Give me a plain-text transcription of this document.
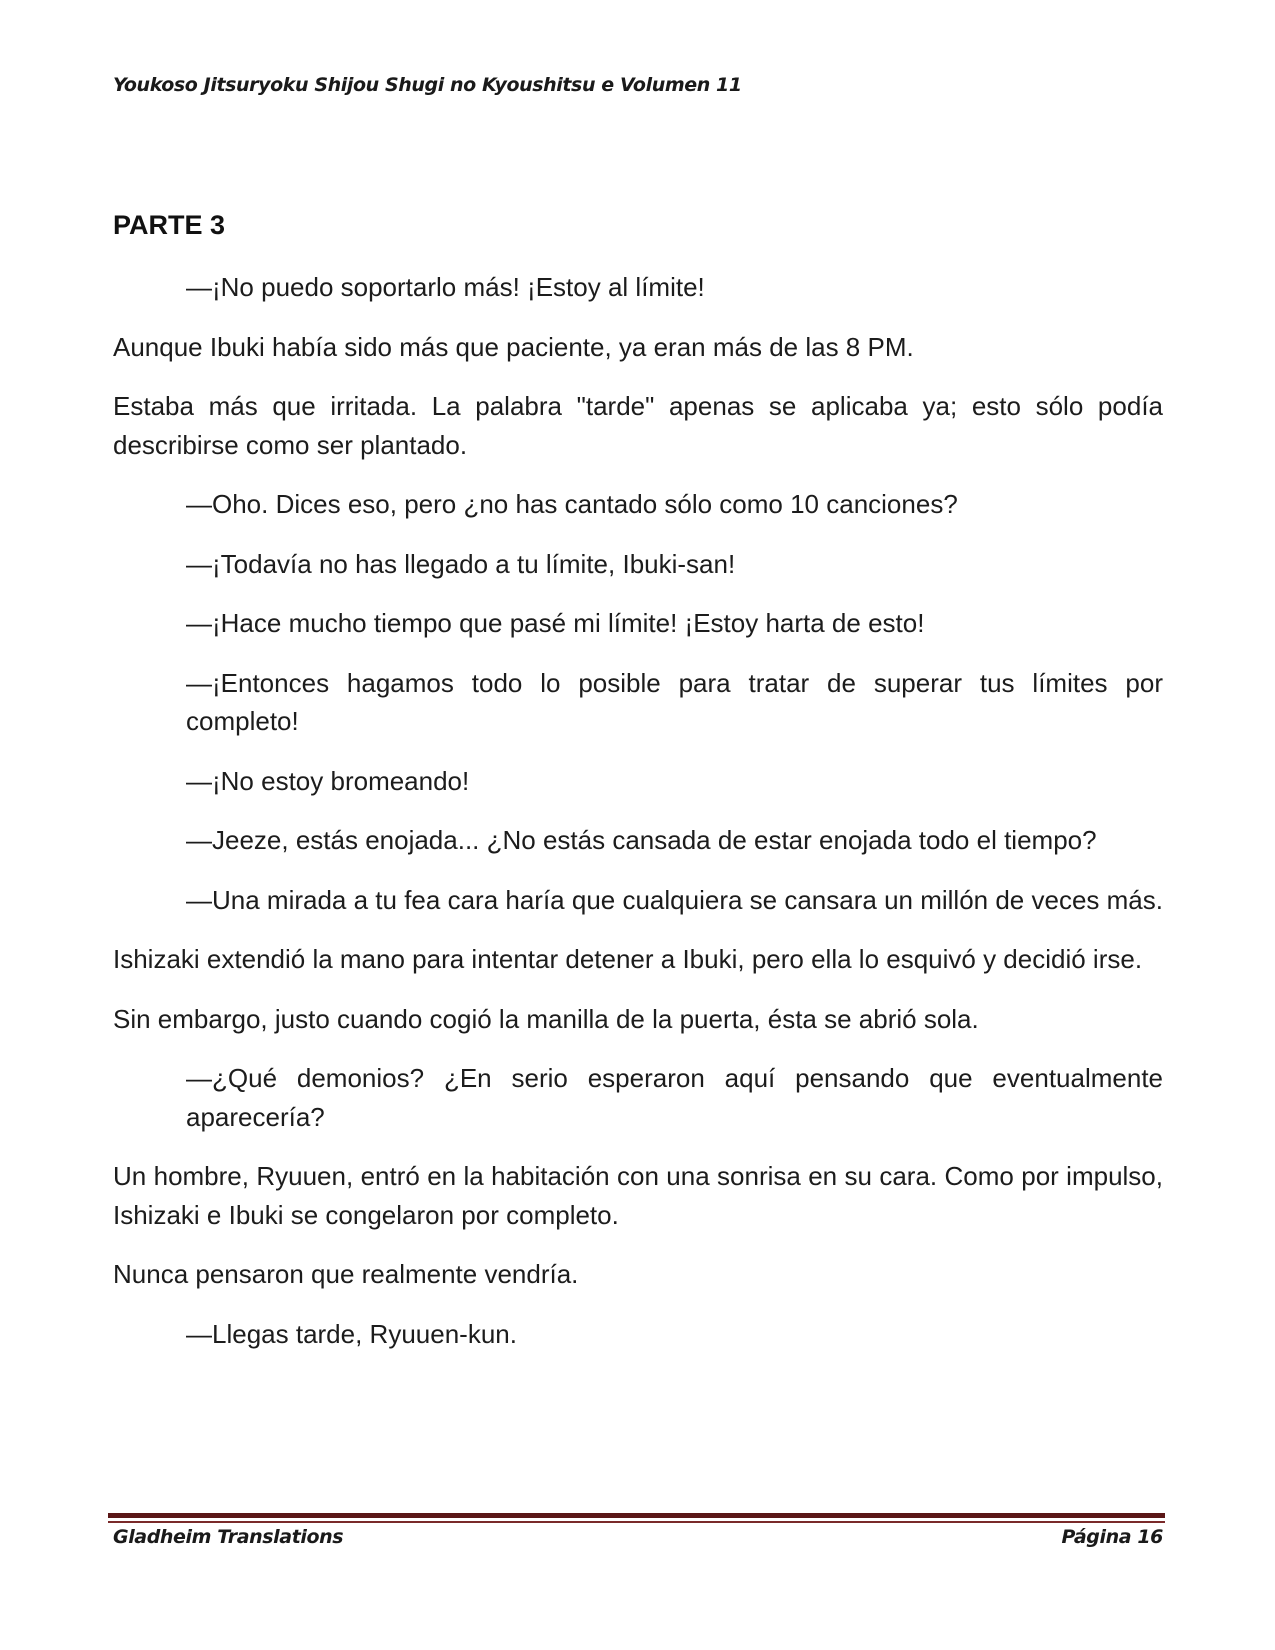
Youkoso Jitsuryoku Shijou Shugi no Kyoushitsu e Volumen 11
PARTE 3

—¡No puedo soportarlo más! ¡Estoy al límite!

Aunque Ibuki había sido más que paciente, ya eran más de las 8 PM.

Estaba más que irritada. La palabra "tarde" apenas se aplicaba ya; esto sólo podía describirse como ser plantado.

—Oho. Dices eso, pero ¿no has cantado sólo como 10 canciones?

—¡Todavía no has llegado a tu límite, Ibuki-san!

—¡Hace mucho tiempo que pasé mi límite! ¡Estoy harta de esto!

—¡Entonces hagamos todo lo posible para tratar de superar tus límites por completo!

—¡No estoy bromeando!

—Jeeze, estás enojada... ¿No estás cansada de estar enojada todo el tiempo?

—Una mirada a tu fea cara haría que cualquiera se cansara un millón de veces más.

Ishizaki extendió la mano para intentar detener a Ibuki, pero ella lo esquivó y decidió irse.

Sin embargo, justo cuando cogió la manilla de la puerta, ésta se abrió sola.

—¿Qué demonios? ¿En serio esperaron aquí pensando que eventualmente aparecería?

Un hombre, Ryuuen, entró en la habitación con una sonrisa en su cara. Como por impulso, Ishizaki e Ibuki se congelaron por completo.

Nunca pensaron que realmente vendría.

—Llegas tarde, Ryuuen-kun.

Gladheim Translations	Página 16
